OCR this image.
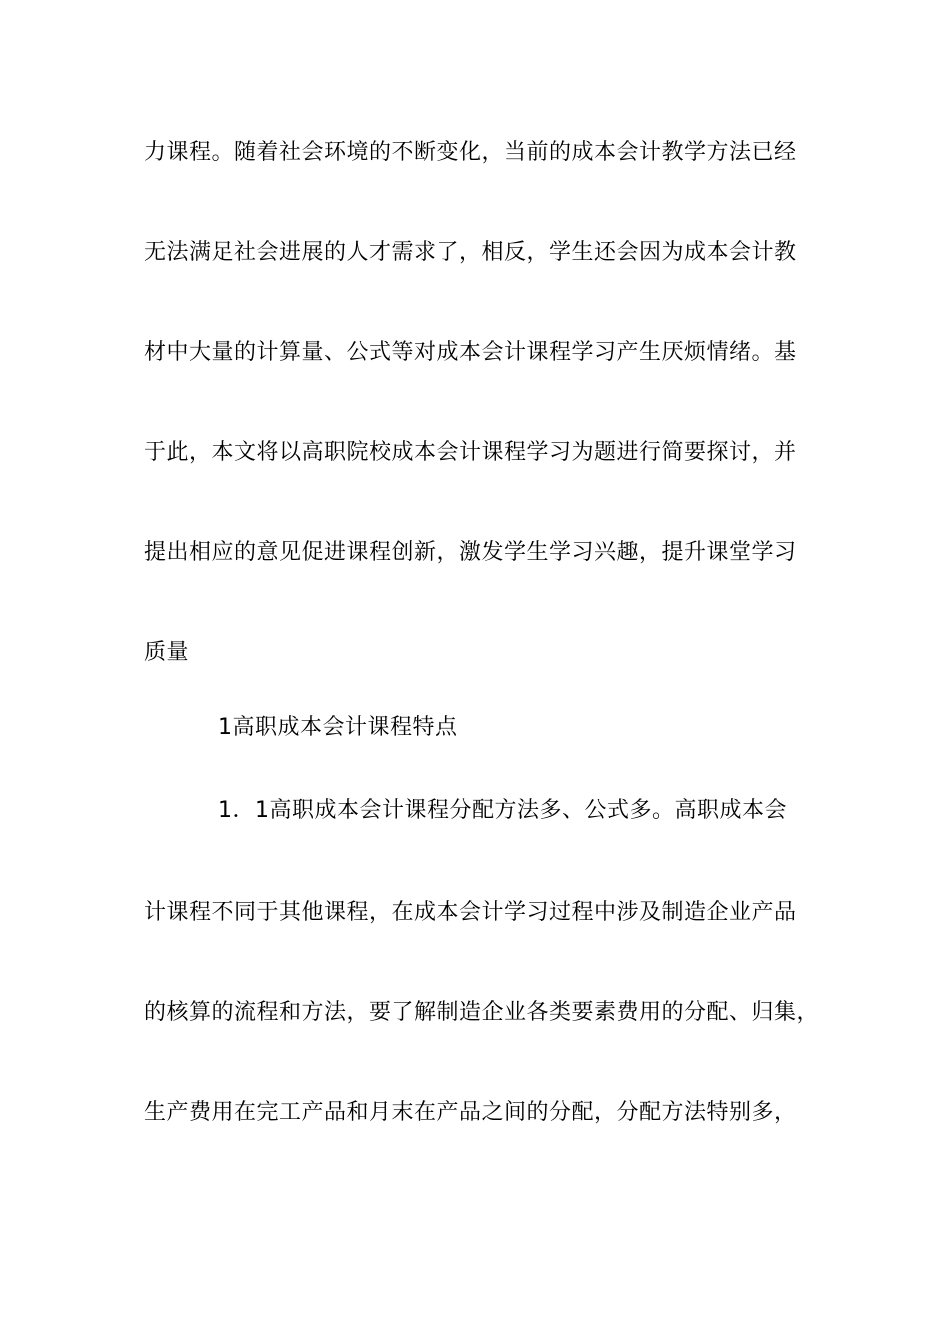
力课程。随着社会环境的不断变化，当前的成本会计教学方法已经
无法满足社会进展的人才需求了，相反，学生还会因为成本会计教
材中大量的计算量、公式等对成本会计课程学习产生厌烦情绪。基
于此，本文将以高职院校成本会计课程学习为题进行简要探讨，并
提出相应的意见促进课程创新，激发学生学习兴趣，提升课堂学习
质量
1高职成本会计课程特点
1．1高职成本会计课程分配方法多、公式多。高职成本会
计课程不同于其他课程，在成本会计学习过程中涉及制造企业产品
的核算的流程和方法，要了解制造企业各类要素费用的分配、归集，
生产费用在完工产品和月末在产品之间的分配，分配方法特别多，
